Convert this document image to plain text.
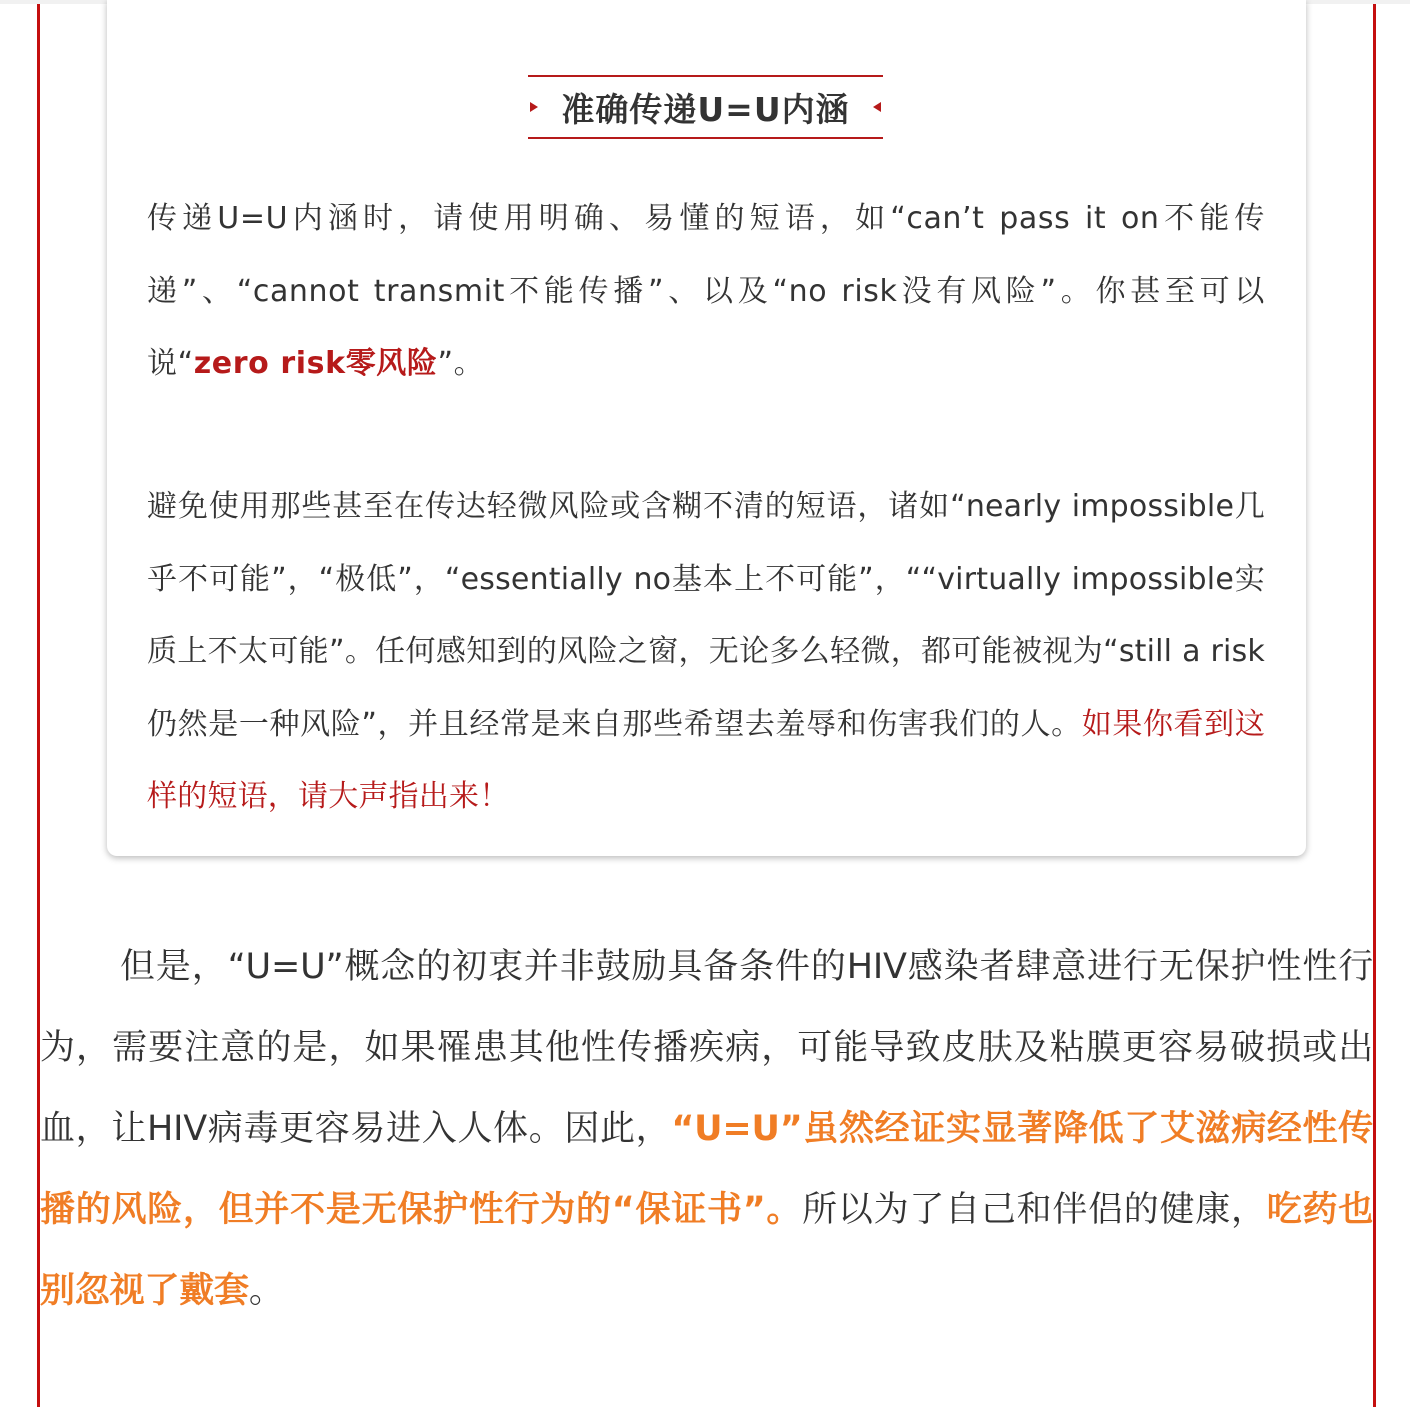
准确传递U=U内涵

传递U=U内涵时，请使用明确、易懂的短语，如“can’t pass it on不能传递”、“cannot transmit不能传播”、以及“no risk没有风险”。你甚至可以说“zero risk零风险”。

避免使用那些甚至在传达轻微风险或含糊不清的短语，诸如“nearly impossible几乎不可能”，“极低”，“essentially no基本上不可能”，““virtually impossible实质上不太可能”。任何感知到的风险之窗，无论多么轻微，都可能被视为“still a risk仍然是一种风险”，并且经常是来自那些希望去羞辱和伤害我们的人。如果你看到这样的短语，请大声指出来！

但是，“U=U”概念的初衷并非鼓励具备条件的HIV感染者肆意进行无保护性性行为，需要注意的是，如果罹患其他性传播疾病，可能导致皮肤及粘膜更容易破损或出血，让HIV病毒更容易进入人体。因此，“U=U”虽然经证实显著降低了艾滋病经性传播的风险，但并不是无保护性行为的“保证书”。所以为了自己和伴侣的健康，吃药也别忽视了戴套。
